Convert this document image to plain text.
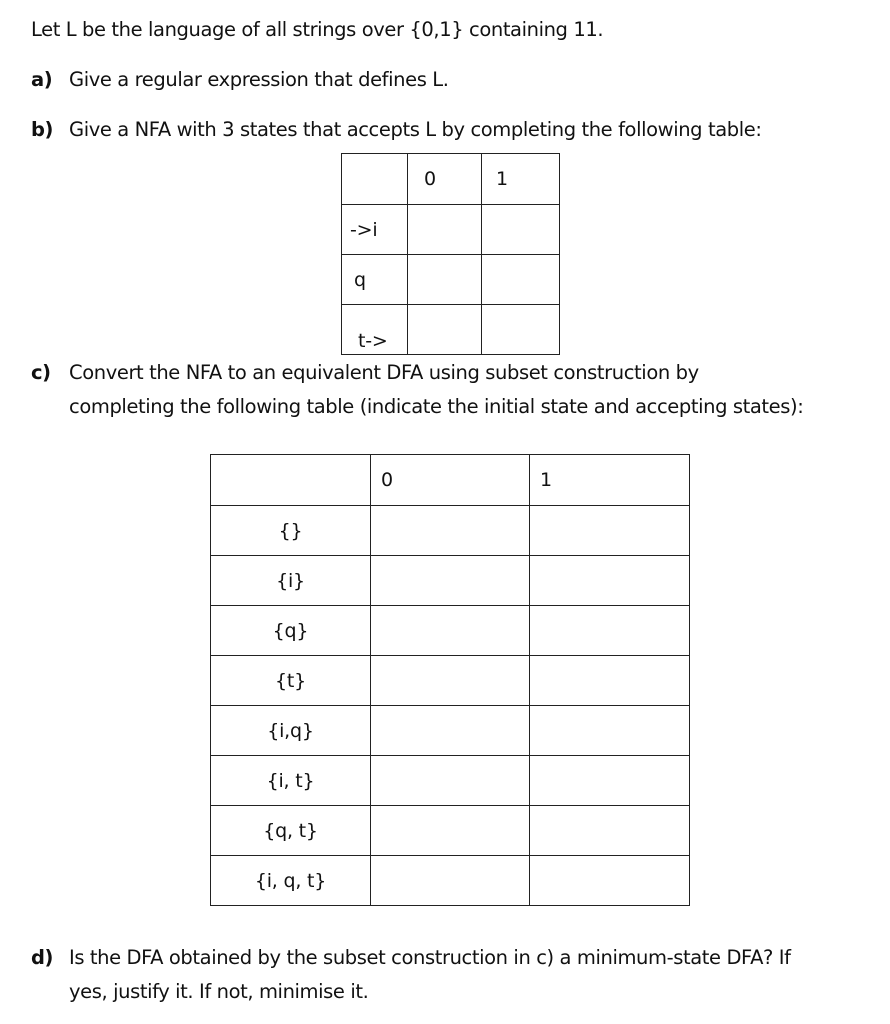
Let L be the language of all strings over {0,1} containing 11.
a) Give a regular expression that defines L.
b) Give a NFA with 3 states that accepts L by completing the following table:
	0	1
->i		
q		
t->		
c) Convert the NFA to an equivalent DFA using subset construction by
completing the following table (indicate the initial state and accepting states):
	0	1
{}		
{i}		
{q}		
{t}		
{i,q}		
{i, t}		
{q, t}		
{i, q, t}		
d) Is the DFA obtained by the subset construction in c) a minimum-state DFA? If
yes, justify it. If not, minimise it.
